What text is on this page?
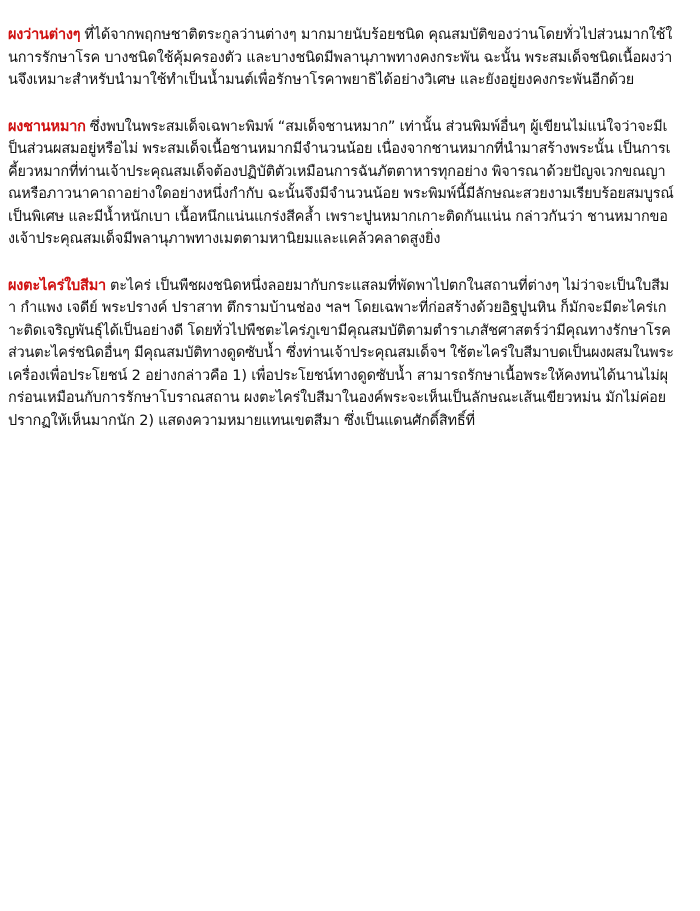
ผงว่านต่างๆ ที่ได้จากพฤกษชาติตระกูลว่านต่างๆ มากมายนับร้อยชนิด คุณสมบัติของว่านโดยทั่วไปส่วนมากใช้ในการรักษาโรค บางชนิดใช้คุ้มครองตัว และบางชนิดมีพลานุภาพทางคงกระพัน ฉะนั้น พระสมเด็จชนิดเนื้อผงว่านจึงเหมาะสำหรับนำมาใช้ทำเป็นน้ำมนต์เพื่อรักษาโรคาพยาธิได้อย่างวิเศษ และยังอยู่ยงคงกระพันอีกด้วย

ผงชานหมาก ซึ่งพบในพระสมเด็จเฉพาะพิมพ์ “สมเด็จชานหมาก” เท่านั้น ส่วนพิมพ์อื่นๆ ผู้เขียนไม่แน่ใจว่าจะมีเป็นส่วนผสมอยู่หรือไม่ พระสมเด็จเนื้อชานหมากมีจำนวนน้อย เนื่องจากชานหมากที่นำมาสร้างพระนั้น เป็นการเคี้ยวหมากที่ท่านเจ้าประคุณสมเด็จต้องปฏิบัติตัวเหมือนการฉันภัตตาหารทุกอย่าง พิจารณาด้วยปัญจเวกขณญาณหรือภาวนาคาถาอย่างใดอย่างหนึ่งกำกับ ฉะนั้นจึงมีจำนวนน้อย พระพิมพ์นี้มีลักษณะสวยงามเรียบร้อยสมบูรณ์เป็นพิเศษ และมีน้ำหนักเบา เนื้อหนึกแน่นแกร่งสีคล้ำ เพราะปูนหมากเกาะติดกันแน่น กล่าวกันว่า ชานหมากของเจ้าประคุณสมเด็จมีพลานุภาพทางเมตตามหานิยมและแคล้วคลาดสูงยิ่ง

ผงตะไคร่ใบสีมา ตะไคร่ เป็นพืชผงชนิดหนึ่งลอยมากับกระแสลมที่พัดพาไปตกในสถานที่ต่างๆ ไม่ว่าจะเป็นใบสีมา กำแพง เจดีย์ พระปรางค์ ปราสาท ตึกรามบ้านช่อง ฯลฯ โดยเฉพาะที่ก่อสร้างด้วยอิฐปูนหิน ก็มักจะมีตะไคร่เกาะติดเจริญพันธุ์ได้เป็นอย่างดี โดยทั่วไปพืชตะไคร่ภูเขามีคุณสมบัติตามตำราเภสัชศาสตร์ว่ามีคุณทางรักษาโรค ส่วนตะไคร่ชนิดอื่นๆ มีคุณสมบัติทางดูดซับน้ำ ซึ่งท่านเจ้าประคุณสมเด็จฯ ใช้ตะไคร่ใบสีมาบดเป็นผงผสมในพระเครื่องเพื่อประโยชน์ 2 อย่างกล่าวคือ 1) เพื่อประโยชน์ทางดูดซับน้ำ สามารถรักษาเนื้อพระให้คงทนได้นานไม่ผุกร่อนเหมือนกับการรักษาโบราณสถาน ผงตะไคร่ใบสีมาในองค์พระจะเห็นเป็นลักษณะเส้นเขียวหม่น มักไม่ค่อยปรากฏให้เห็นมากนัก 2) แสดงความหมายแทนเขตสีมา ซึ่งเป็นแดนศักดิ์สิทธิ์ที่
